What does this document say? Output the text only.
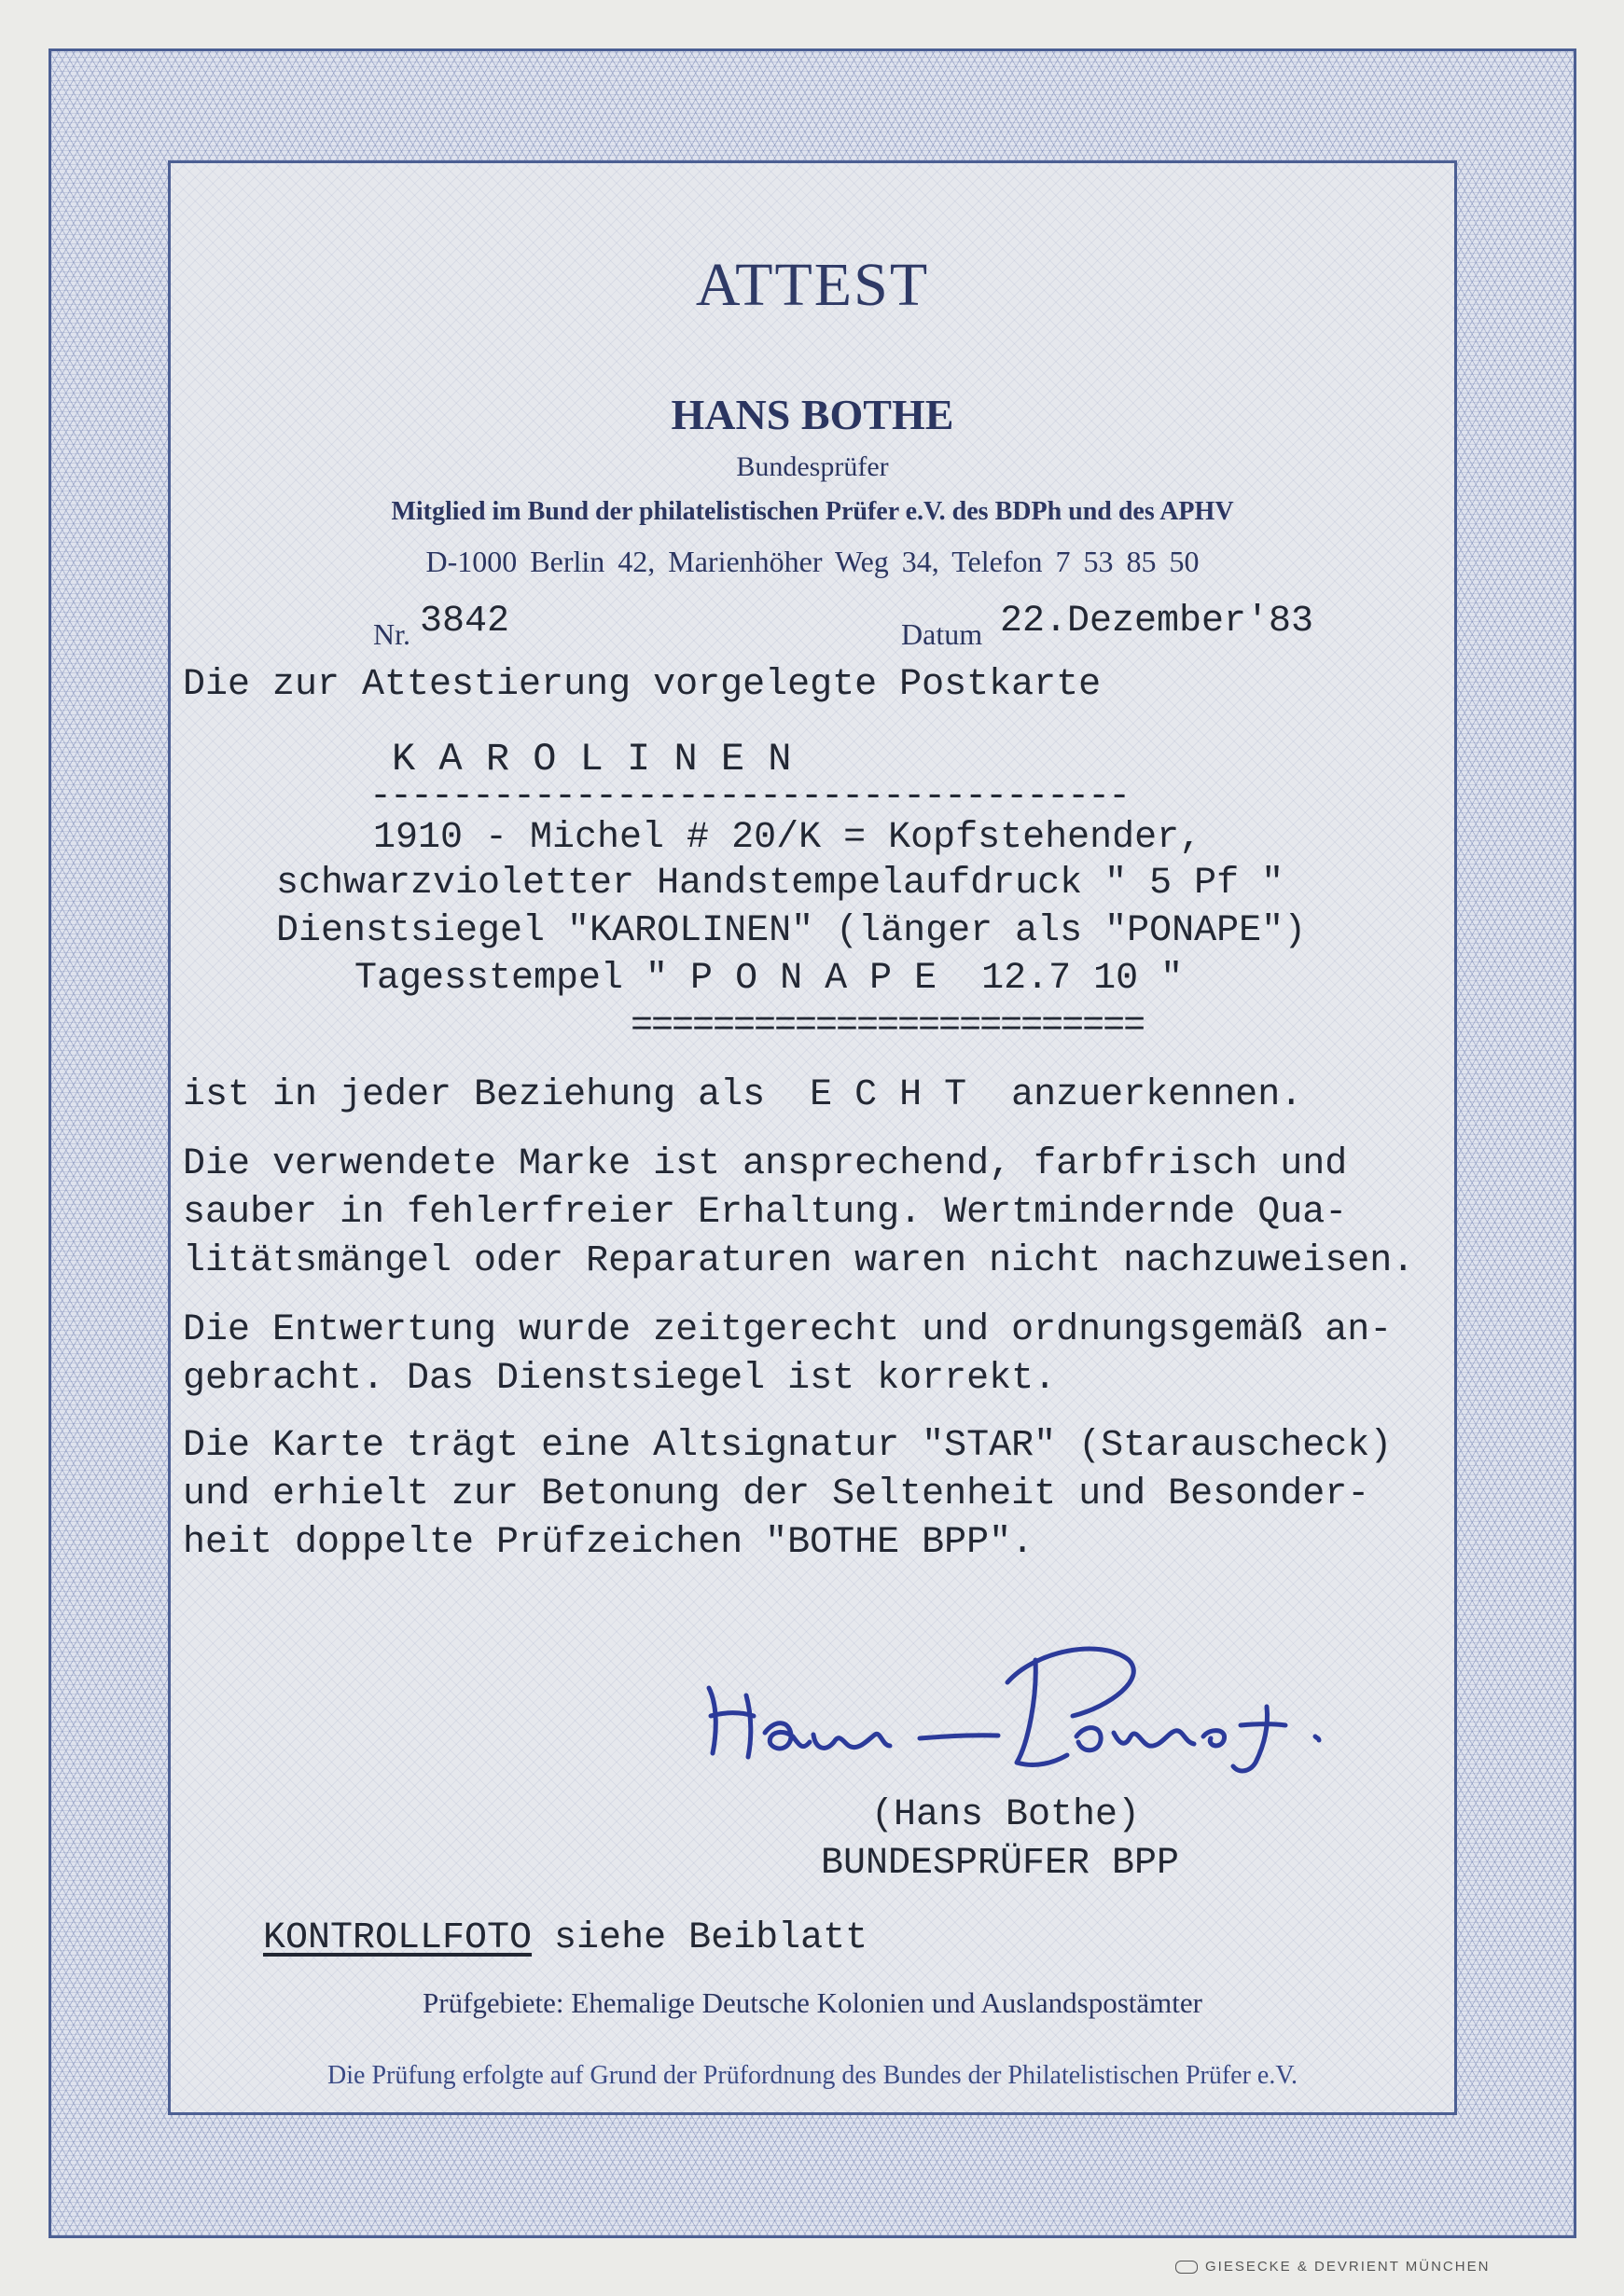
ATTEST
HANS BOTHE
Bundesprüfer
Mitglied im Bund der philatelistischen Prüfer e.V. des BDPh und des APHV
D-1000 Berlin 42, Marienhöher Weg 34, Telefon 7 53 85 50
Nr. 3842	Datum 22.Dezember'83
Die zur Attestierung vorgelegte Postkarte
K A R O L I N E N
-------------------------------------
1910 - Michel # 20/K = Kopfstehender,
schwarzvioletter Handstempelaufdruck " 5 Pf "
Dienstsiegel "KAROLINEN" (länger als "PONAPE")
Tagesstempel " P O N A P E  12.7 10 "
=========================
ist in jeder Beziehung als  E C H T  anzuerkennen.
Die verwendete Marke ist ansprechend, farbfrisch und
sauber in fehlerfreier Erhaltung. Wertmindernde Qua-
litätsmängel oder Reparaturen waren nicht nachzuweisen.
Die Entwertung wurde zeitgerecht und ordnungsgemäß an-
gebracht. Das Dienstsiegel ist korrekt.
Die Karte trägt eine Altsignatur "STAR" (Starauscheck)
und erhielt zur Betonung der Seltenheit und Besonder-
heit doppelte Prüfzeichen "BOTHE BPP".
(Hans Bothe)
BUNDESPRÜFER BPP
KONTROLLFOTO siehe Beiblatt
Prüfgebiete: Ehemalige Deutsche Kolonien und Auslandspostämter
Die Prüfung erfolgte auf Grund der Prüfordnung des Bundes der Philatelistischen Prüfer e.V.
GIESECKE & DEVRIENT MÜNCHEN
